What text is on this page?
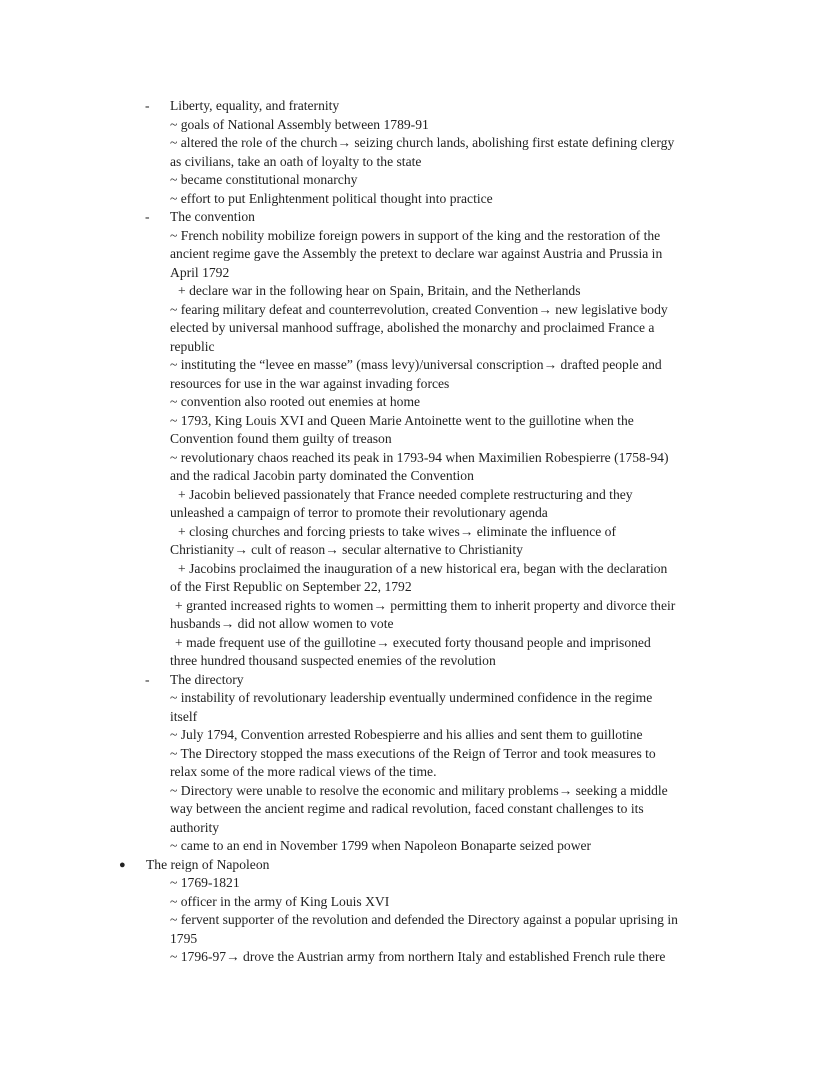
- Liberty, equality, and fraternity
~ goals of National Assembly between 1789-91
~ altered the role of the church→ seizing church lands, abolishing first estate defining clergy
as civilians, take an oath of loyalty to the state
~ became constitutional monarchy
~ effort to put Enlightenment political thought into practice
- The convention
~ French nobility mobilize foreign powers in support of the king and the restoration of the
ancient regime gave the Assembly the pretext to declare war against Austria and Prussia in
April 1792
+ declare war in the following hear on Spain, Britain, and the Netherlands
~ fearing military defeat and counterrevolution, created Convention→ new legislative body
elected by universal manhood suffrage, abolished the monarchy and proclaimed France a
republic
~ instituting the “levee en masse” (mass levy)/universal conscription→ drafted people and
resources for use in the war against invading forces
~ convention also rooted out enemies at home
~ 1793, King Louis XVI and Queen Marie Antoinette went to the guillotine when the
Convention found them guilty of treason
~ revolutionary chaos reached its peak in 1793-94 when Maximilien Robespierre (1758-94)
and the radical Jacobin party dominated the Convention
+ Jacobin believed passionately that France needed complete restructuring and they
unleashed a campaign of terror to promote their revolutionary agenda
+ closing churches and forcing priests to take wives→ eliminate the influence of
Christianity→ cult of reason→ secular alternative to Christianity
+ Jacobins proclaimed the inauguration of a new historical era, began with the declaration
of the First Republic on September 22, 1792
+ granted increased rights to women→ permitting them to inherit property and divorce their
husbands→ did not allow women to vote
+ made frequent use of the guillotine→ executed forty thousand people and imprisoned
three hundred thousand suspected enemies of the revolution
- The directory
~ instability of revolutionary leadership eventually undermined confidence in the regime
itself
~ July 1794, Convention arrested Robespierre and his allies and sent them to guillotine
~ The Directory stopped the mass executions of the Reign of Terror and took measures to
relax some of the more radical views of the time.
~ Directory were unable to resolve the economic and military problems→ seeking a middle
way between the ancient regime and radical revolution, faced constant challenges to its
authority
~ came to an end in November 1799 when Napoleon Bonaparte seized power
● The reign of Napoleon
~ 1769-1821
~ officer in the army of King Louis XVI
~ fervent supporter of the revolution and defended the Directory against a popular uprising in
1795
~ 1796-97→ drove the Austrian army from northern Italy and established French rule there
